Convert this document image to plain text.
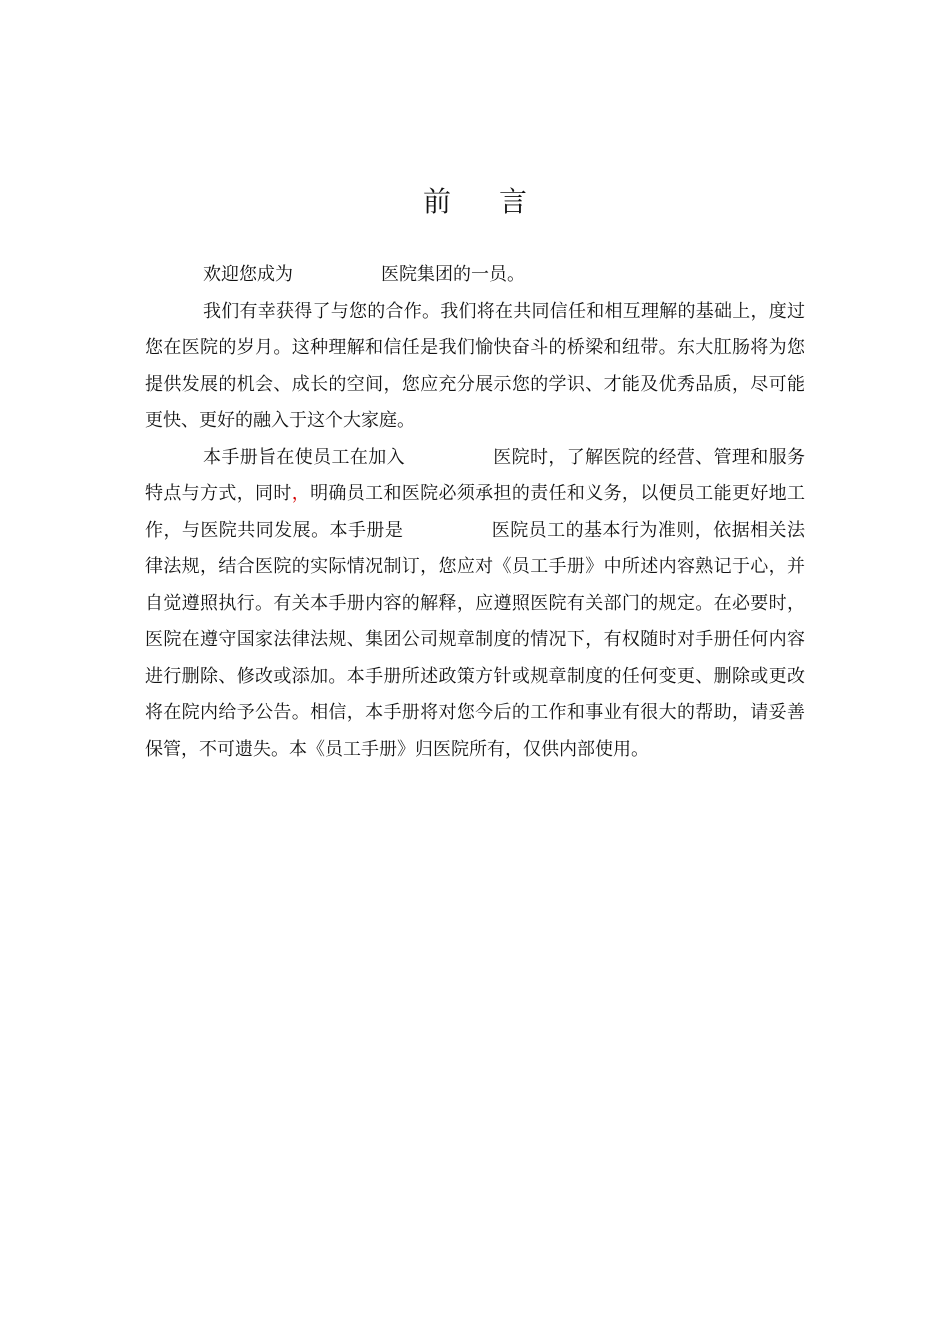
前 言

欢迎您成为	医院集团的一员。

我们有幸获得了与您的合作。我们将在共同信任和相互理解的基础上，度过您在医院的岁月。这种理解和信任是我们愉快奋斗的桥梁和纽带。东大肛肠将为您提供发展的机会、成长的空间，您应充分展示您的学识、才能及优秀品质，尽可能更快、更好的融入于这个大家庭。

本手册旨在使员工在加入	医院时，了解医院的经营、管理和服务特点与方式，同时，明确员工和医院必须承担的责任和义务，以便员工能更好地工作，与医院共同发展。本手册是	医院员工的基本行为准则，依据相关法律法规，结合医院的实际情况制订，您应对《员工手册》中所述内容熟记于心，并自觉遵照执行。有关本手册内容的解释，应遵照医院有关部门的规定。在必要时，医院在遵守国家法律法规、集团公司规章制度的情况下，有权随时对手册任何内容进行删除、修改或添加。本手册所述政策方针或规章制度的任何变更、删除或更改将在院内给予公告。相信，本手册将对您今后的工作和事业有很大的帮助，请妥善保管，不可遗失。本《员工手册》归医院所有，仅供内部使用。
